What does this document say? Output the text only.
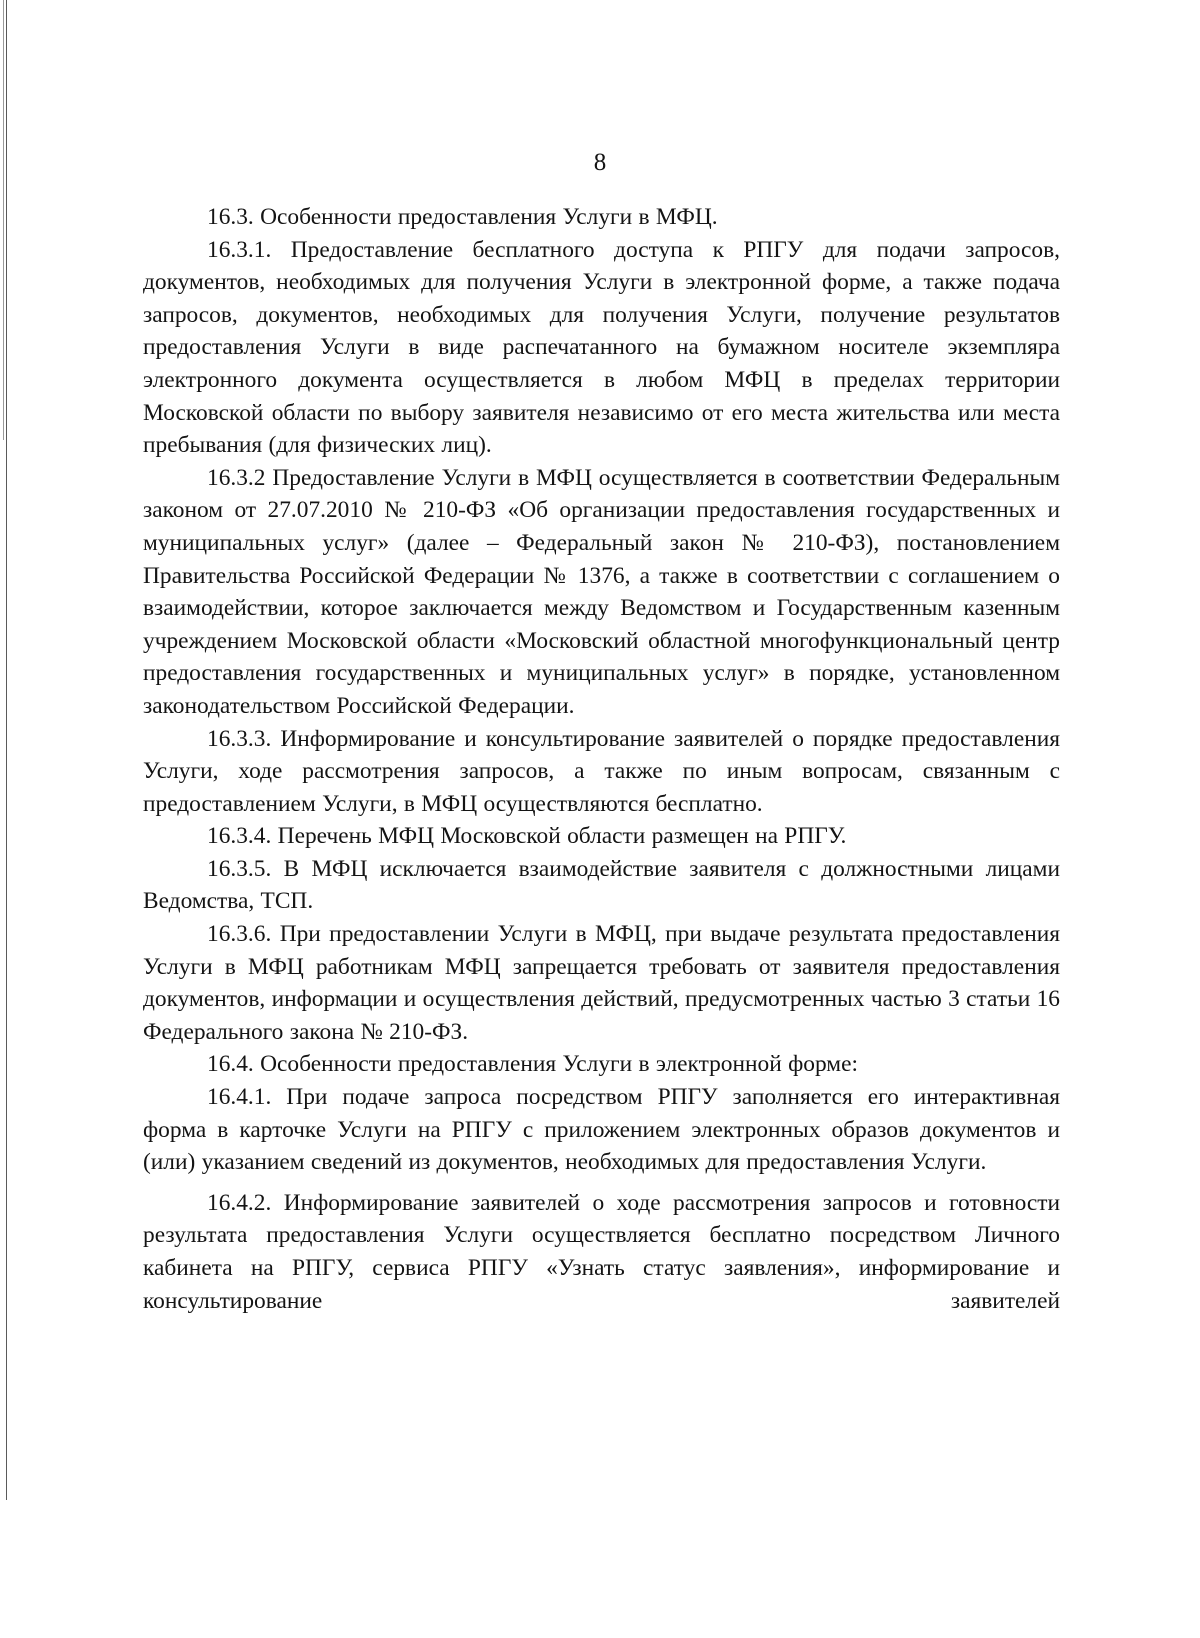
8

16.3. Особенности предоставления Услуги в МФЦ.

16.3.1. Предоставление бесплатного доступа к РПГУ для подачи запросов, документов, необходимых для получения Услуги в электронной форме, а также подача запросов, документов, необходимых для получения Услуги, получение результатов предоставления Услуги в виде распечатанного на бумажном носителе экземпляра электронного документа осуществляется в любом МФЦ в пределах территории Московской области по выбору заявителя независимо от его места жительства или места пребывания (для физических лиц).

16.3.2 Предоставление Услуги в МФЦ осуществляется в соответствии Федеральным законом от 27.07.2010 № 210-ФЗ «Об организации предоставления государственных и муниципальных услуг» (далее – Федеральный закон № 210-ФЗ), постановлением Правительства Российской Федерации № 1376, а также в соответствии с соглашением о взаимодействии, которое заключается между Ведомством и Государственным казенным учреждением Московской области «Московский областной многофункциональный центр предоставления государственных и муниципальных услуг» в порядке, установленном законодательством Российской Федерации.

16.3.3. Информирование и консультирование заявителей о порядке предоставления Услуги, ходе рассмотрения запросов, а также по иным вопросам, связанным с предоставлением Услуги, в МФЦ осуществляются бесплатно.

16.3.4. Перечень МФЦ Московской области размещен на РПГУ.

16.3.5. В МФЦ исключается взаимодействие заявителя с должностными лицами Ведомства, ТСП.

16.3.6. При предоставлении Услуги в МФЦ, при выдаче результата предоставления Услуги в МФЦ работникам МФЦ запрещается требовать от заявителя предоставления документов, информации и осуществления действий, предусмотренных частью 3 статьи 16 Федерального закона № 210-ФЗ.

16.4. Особенности предоставления Услуги в электронной форме:

16.4.1. При подаче запроса посредством РПГУ заполняется его интерактивная форма в карточке Услуги на РПГУ с приложением электронных образов документов и (или) указанием сведений из документов, необходимых для предоставления Услуги.

16.4.2. Информирование заявителей о ходе рассмотрения запросов и готовности результата предоставления Услуги осуществляется бесплатно посредством Личного кабинета на РПГУ, сервиса РПГУ «Узнать статус заявления», информирование и консультирование заявителей
